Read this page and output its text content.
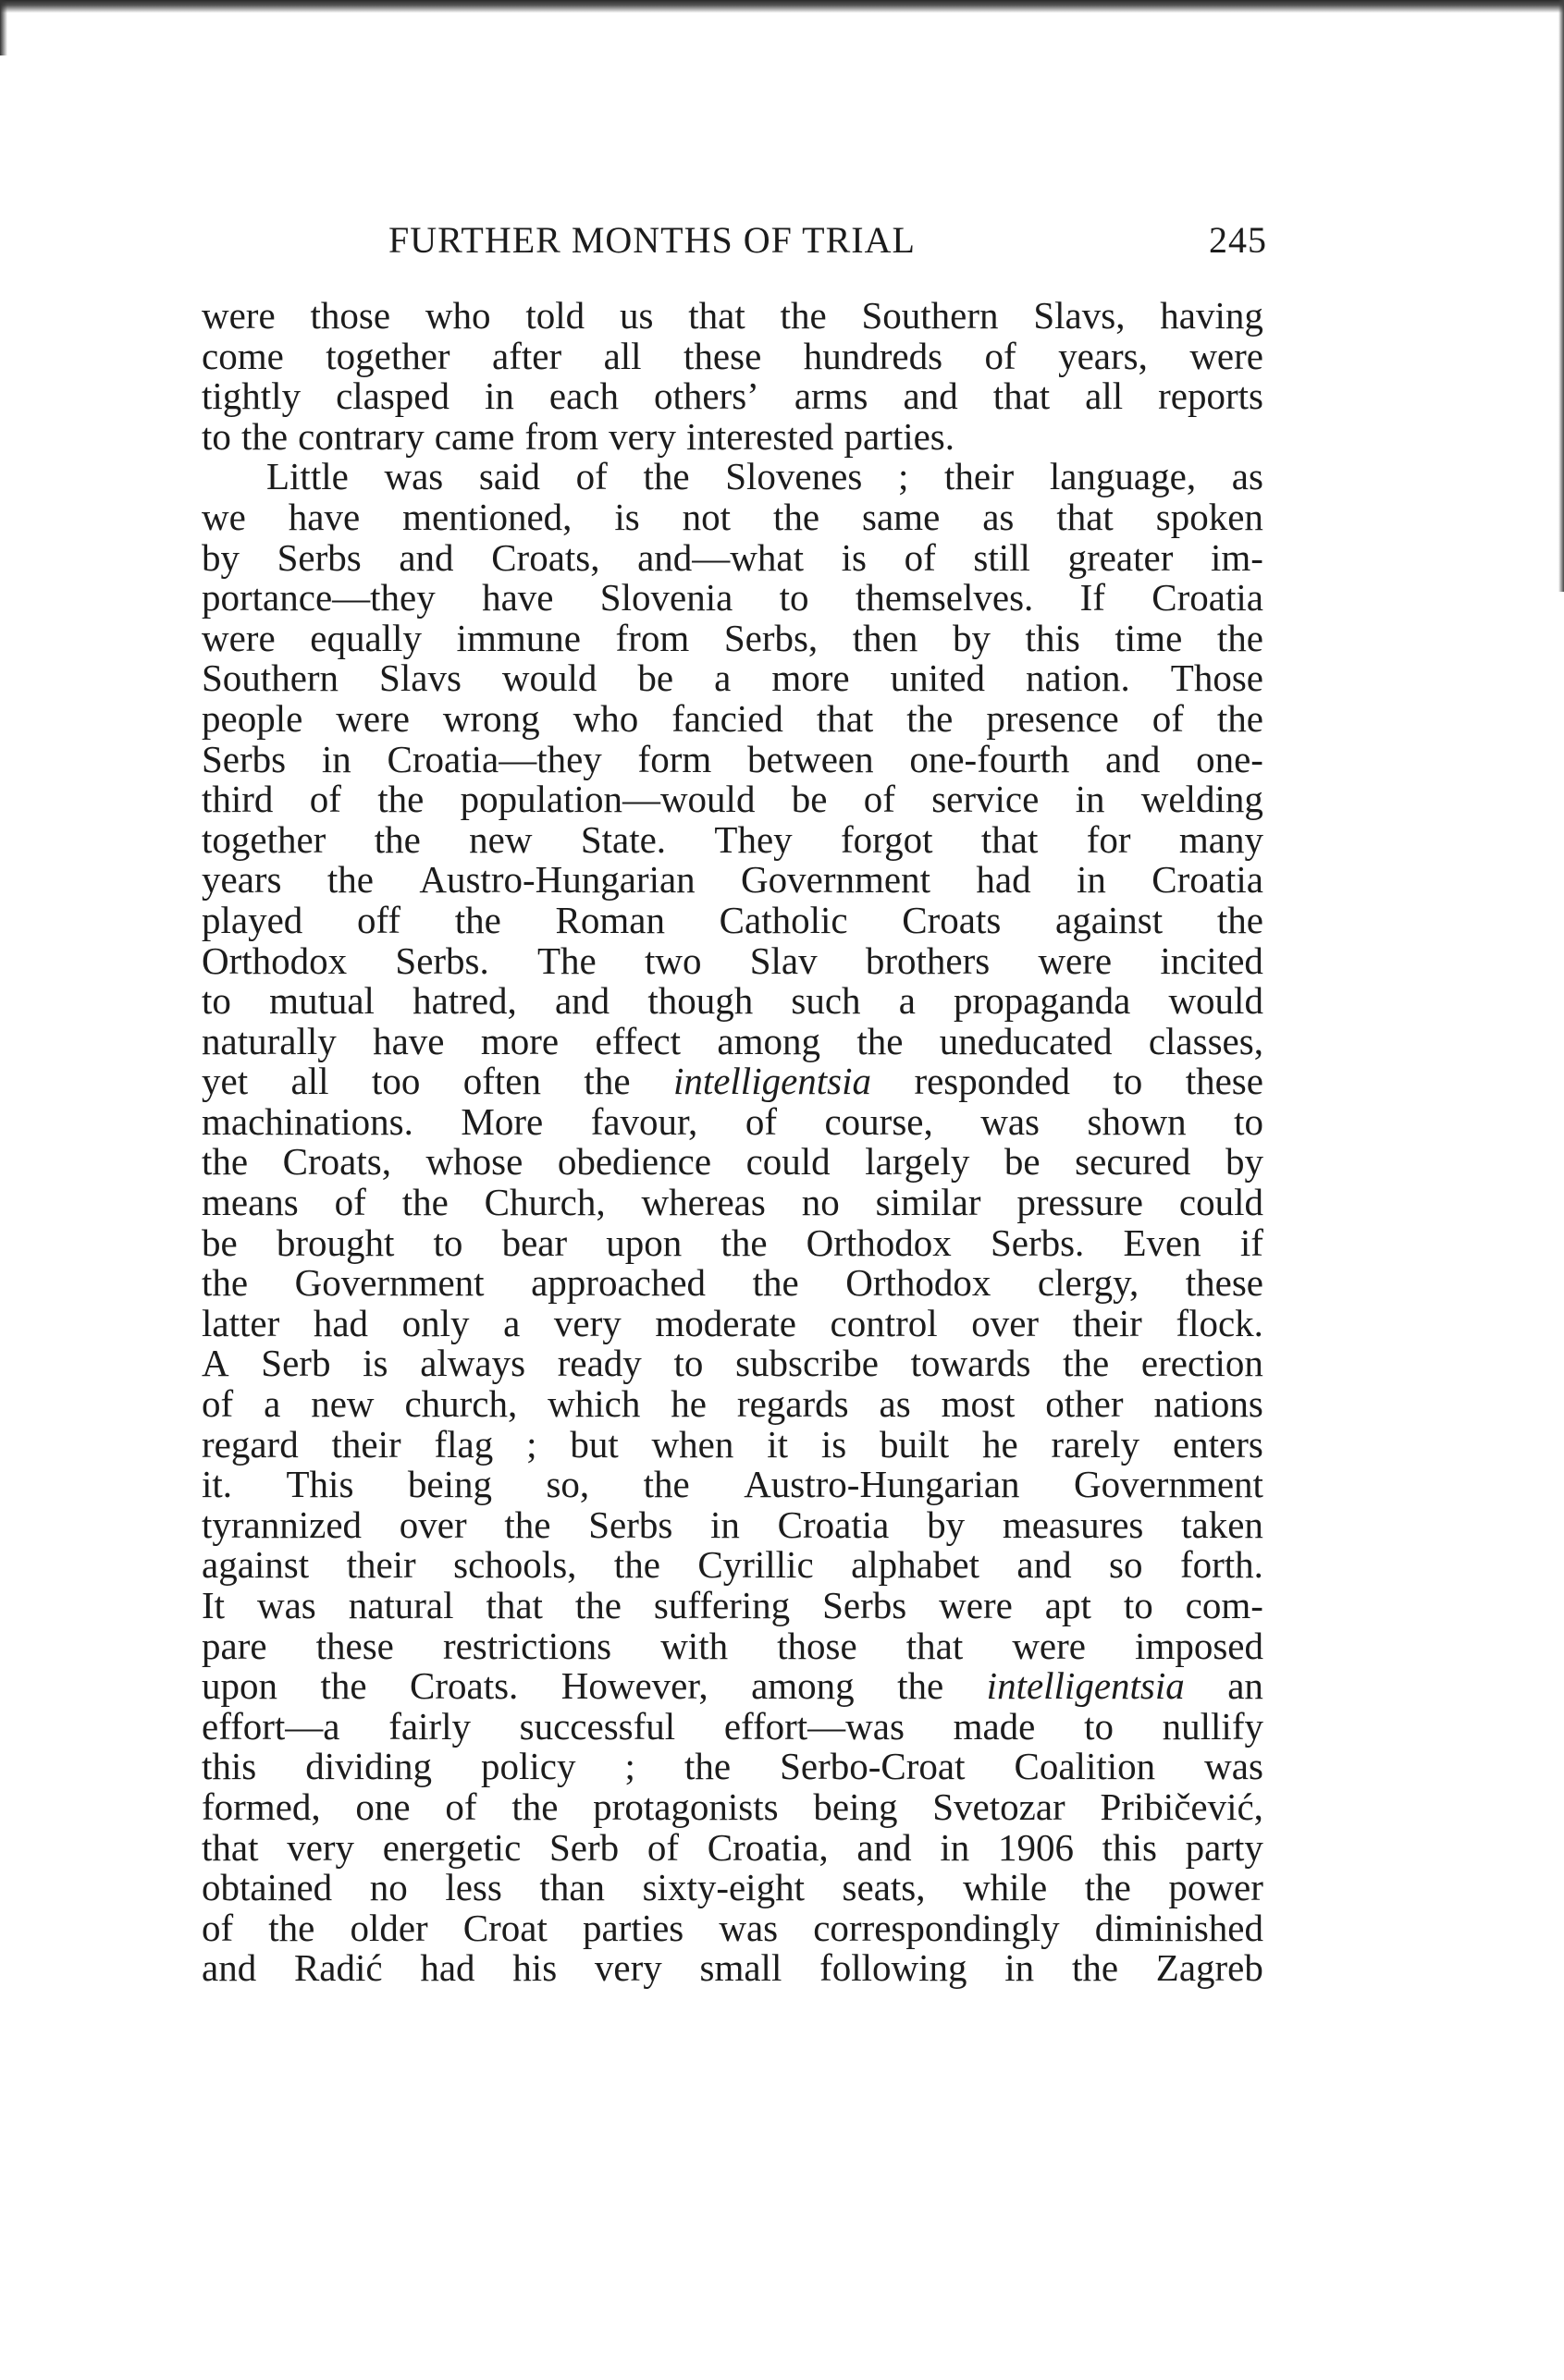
FURTHER MONTHS OF TRIAL	245
were those who told us that the Southern Slavs, having
come together after all these hundreds of years, were
tightly clasped in each others’ arms and that all reports
to the contrary came from very interested parties.
Little was said of the Slovenes ; their language, as
we have mentioned, is not the same as that spoken
by Serbs and Croats, and—what is of still greater im-
portance—they have Slovenia to themselves. If Croatia
were equally immune from Serbs, then by this time the
Southern Slavs would be a more united nation. Those
people were wrong who fancied that the presence of the
Serbs in Croatia—they form between one-fourth and one-
third of the population—would be of service in welding
together the new State. They forgot that for many
years the Austro-Hungarian Government had in Croatia
played off the Roman Catholic Croats against the
Orthodox Serbs. The two Slav brothers were incited
to mutual hatred, and though such a propaganda would
naturally have more effect among the uneducated classes,
yet all too often the intelligentsia responded to these
machinations. More favour, of course, was shown to
the Croats, whose obedience could largely be secured by
means of the Church, whereas no similar pressure could
be brought to bear upon the Orthodox Serbs. Even if
the Government approached the Orthodox clergy, these
latter had only a very moderate control over their flock.
A Serb is always ready to subscribe towards the erection
of a new church, which he regards as most other nations
regard their flag ; but when it is built he rarely enters
it. This being so, the Austro-Hungarian Government
tyrannized over the Serbs in Croatia by measures taken
against their schools, the Cyrillic alphabet and so forth.
It was natural that the suffering Serbs were apt to com-
pare these restrictions with those that were imposed
upon the Croats. However, among the intelligentsia an
effort—a fairly successful effort—was made to nullify
this dividing policy ; the Serbo-Croat Coalition was
formed, one of the protagonists being Svetozar Pribičević,
that very energetic Serb of Croatia, and in 1906 this party
obtained no less than sixty-eight seats, while the power
of the older Croat parties was correspondingly diminished
and Radić had his very small following in the Zagreb
